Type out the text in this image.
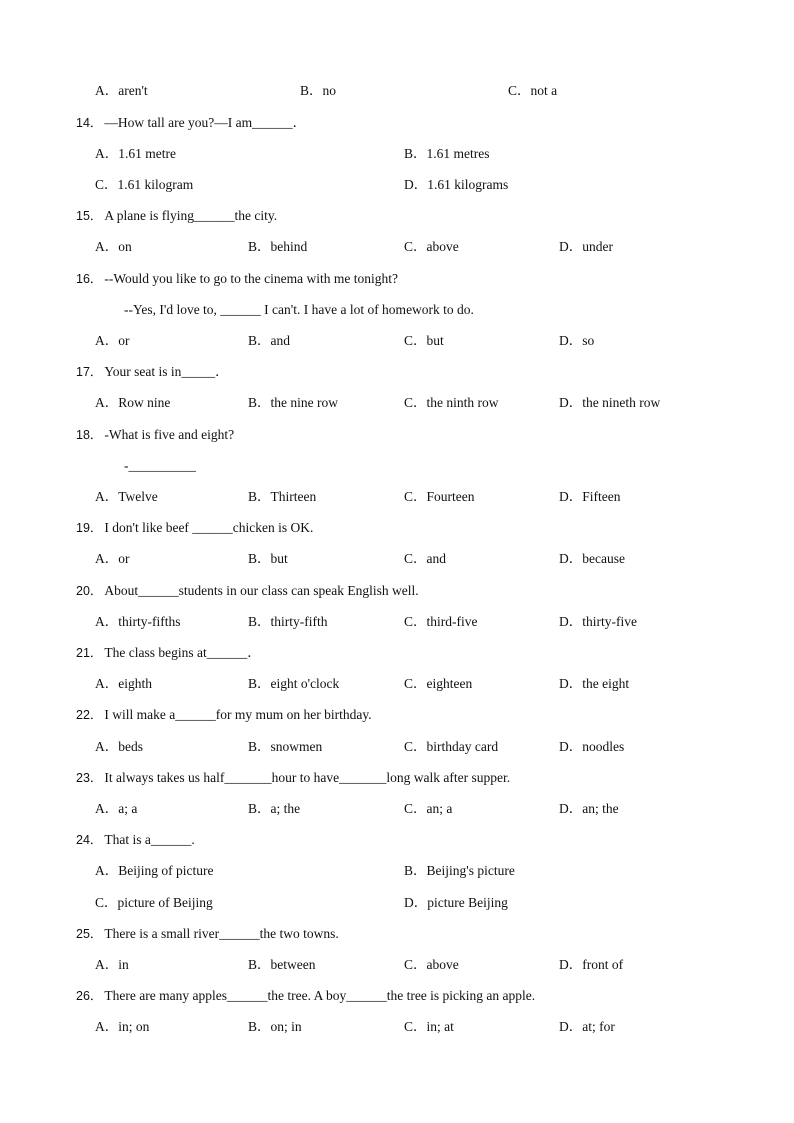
A．aren't	B．no	C．not a
14． —How tall are you?—I am______．
A．1.61 metre	B．1.61 metres
C．1.61 kilogram	D．1.61 kilograms
15． A plane is flying______the city.
A．on	B．behind	C．above	D．under
16． --Would you like to go to the cinema with me tonight?
--Yes, I'd love to, ______ I can't. I have a lot of homework to do.
A．or	B．and	C．but	D．so
17． Your seat is in_____．
A．Row nine	B．the nine row	C．the ninth row	D．the nineth row
18． -What is five and eight?
-__________
A．Twelve	B．Thirteen	C．Fourteen	D．Fifteen
19． I don't like beef ______chicken is OK.
A．or	B．but	C．and	D．because
20． About______students in our class can speak English well.
A．thirty-fifths	B．thirty-fifth	C．third-five	D．thirty-five
21． The class begins at______．
A．eighth	B．eight o'clock	C．eighteen	D．the eight
22． I will make a______for my mum on her birthday.
A．beds	B．snowmen	C．birthday card	D．noodles
23． It always takes us half_______hour to have_______long walk after supper.
A．a; a	B．a; the	C．an; a	D．an; the
24． That is a______.
A．Beijing of picture	B．Beijing's picture
C．picture of Beijing	D．picture Beijing
25． There is a small river______the two towns.
A．in	B．between	C．above	D．front of
26． There are many apples______the tree. A boy______the tree is picking an apple.
A．in; on	B．on; in	C．in; at	D．at; for
